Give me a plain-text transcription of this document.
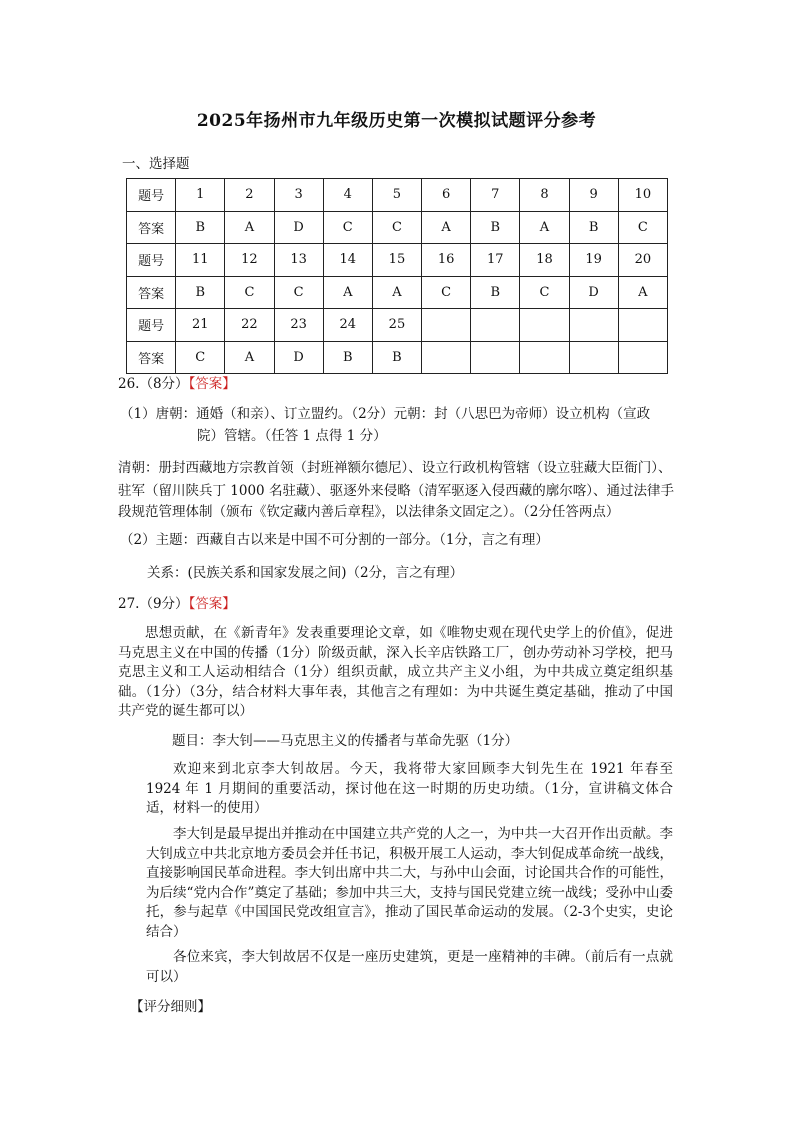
2025年扬州市九年级历史第一次模拟试题评分参考
一、选择题
题号	1	2	3	4	5	6	7	8	9	10
答案	B	A	D	C	C	A	B	A	B	C
题号	11	12	13	14	15	16	17	18	19	20
答案	B	C	C	A	A	C	B	C	D	A
题号	21	22	23	24	25					
答案	C	A	D	B	B					
26.（8分）【答案】
（1）唐朝：通婚（和亲）、订立盟约。（2分）元朝：封（八思巴为帝师）设立机构（宣政
院）管辖。（任答 1 点得 1 分）
清朝：册封西藏地方宗教首领（封班禅额尔德尼）、设立行政机构管辖（设立驻藏大臣衙门）、
驻军（留川陕兵丁 1000 名驻藏）、驱逐外来侵略（清军驱逐入侵西藏的廓尔喀）、通过法律手
段规范管理体制（颁布《钦定藏内善后章程》，以法律条文固定之）。（2分任答两点）
（2）主题：西藏自古以来是中国不可分割的一部分。（1分，言之有理）
关系：(民族关系和国家发展之间)（2分，言之有理）
27.（9分）【答案】
思想贡献，在《新青年》发表重要理论文章，如《唯物史观在现代史学上的价值》，促进马克思主义在中国的传播（1分）阶级贡献，深入长辛店铁路工厂，创办劳动补习学校，把马克思主义和工人运动相结合（1分）组织贡献，成立共产主义小组，为中共成立奠定组织基础。（1分）（3分，结合材料大事年表，其他言之有理如：为中共诞生奠定基础，推动了中国共产党的诞生都可以）
题目：李大钊——马克思主义的传播者与革命先驱（1分）
欢迎来到北京李大钊故居。今天，我将带大家回顾李大钊先生在 1921 年春至 1924 年 1 月期间的重要活动，探讨他在这一时期的历史功绩。（1分，宣讲稿文体合适，材料一的使用）
李大钊是最早提出并推动在中国建立共产党的人之一，为中共一大召开作出贡献。李大钊成立中共北京地方委员会并任书记，积极开展工人运动，李大钊促成革命统一战线，直接影响国民革命进程。李大钊出席中共二大，与孙中山会面，讨论国共合作的可能性，为后续“党内合作”奠定了基础；参加中共三大，支持与国民党建立统一战线；受孙中山委托，参与起草《中国国民党改组宣言》，推动了国民革命运动的发展。（2-3个史实，史论结合）
各位来宾，李大钊故居不仅是一座历史建筑，更是一座精神的丰碑。（前后有一点就可以）
【评分细则】
